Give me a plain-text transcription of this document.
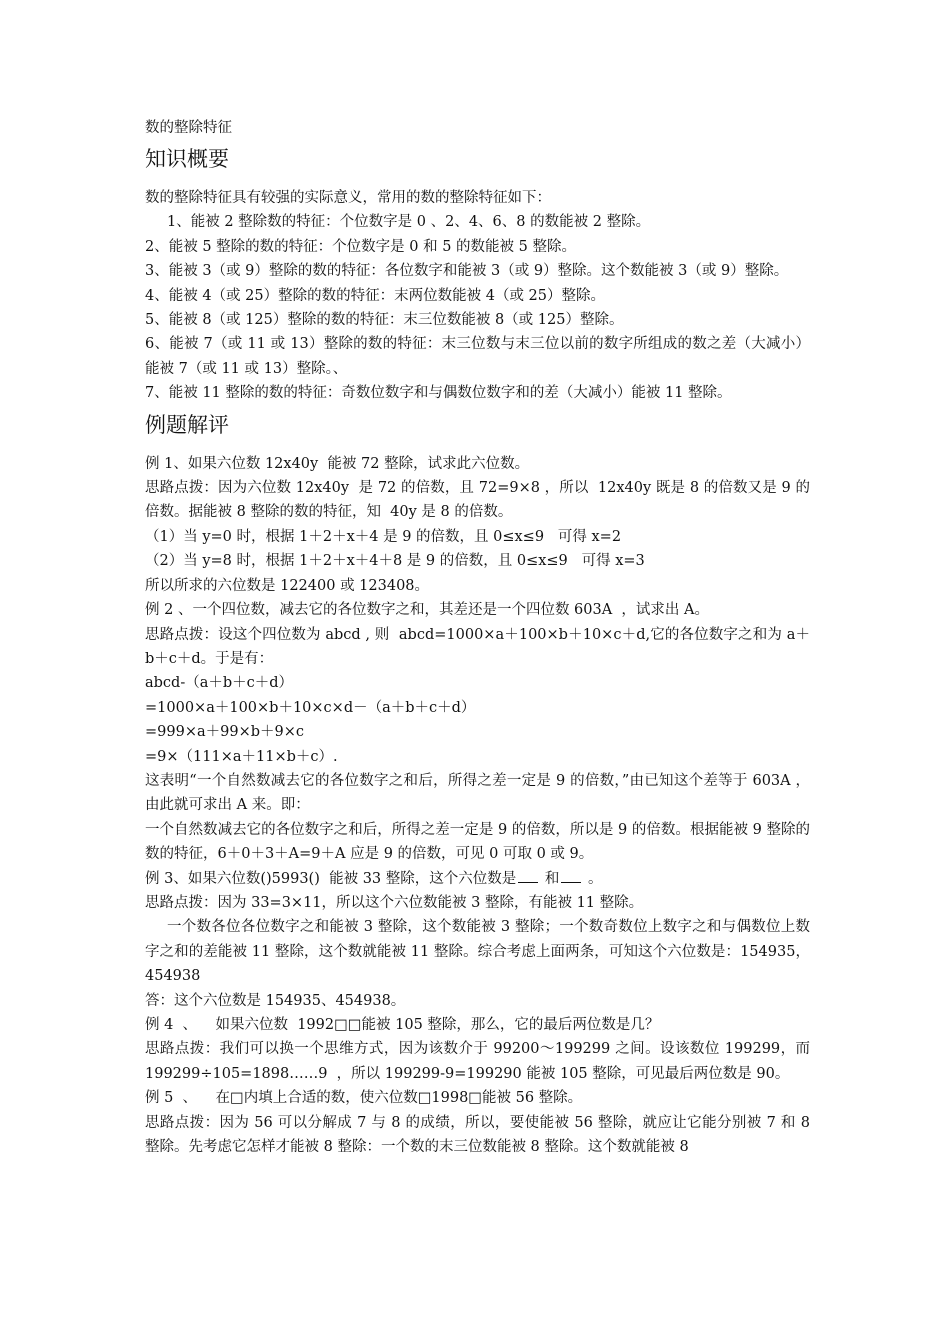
数的整除特征

知识概要

数的整除特征具有较强的实际意义，常用的数的整除特征如下：

1、能被 2 整除数的特征：个位数字是 0 、2、4、6、8 的数能被 2 整除。

2、能被 5 整除的数的特征：个位数字是 0 和 5 的数能被 5 整除。

3、能被 3（或 9）整除的数的特征：各位数字和能被 3（或 9）整除。这个数能被 3（或 9）整除。

4、能被 4（或 25）整除的数的特征：末两位数能被 4（或 25）整除。

5、能被 8（或 125）整除的数的特征：末三位数能被 8（或 125）整除。

6、能被 7（或 11 或 13）整除的数的特征：末三位数与末三位以前的数字所组成的数之差（大减小）能被 7（或 11 或 13）整除。、

7、能被 11 整除的数的特征：奇数位数字和与偶数位数字和的差（大减小）能被 11 整除。

例题解评

例 1、如果六位数 12x40y  能被 72 整除，试求此六位数。

思路点拨：因为六位数 12x40y  是 72 的倍数，且 72=9×8 ，所以  12x40y 既是 8 的倍数又是 9 的倍数。据能被 8 整除的数的特征，知  40y 是 8 的倍数。

（1）当 y=0 时，根据 1＋2＋x＋4 是 9 的倍数，且 0≤x≤9   可得 x=2

（2）当 y=8 时，根据 1＋2＋x＋4＋8 是 9 的倍数，且 0≤x≤9   可得 x=3

所以所求的六位数是 122400 或 123408。

例 2 、一个四位数，减去它的各位数字之和，其差还是一个四位数 603A  ，试求出 A。

思路点拨：设这个四位数为 abcd , 则  abcd=1000×a＋100×b＋10×c＋d,它的各位数字之和为 a＋b＋c＋d。于是有：

abcd-（a＋b＋c＋d）

=1000×a＋100×b＋10×c×d－（a＋b＋c＋d）

=999×a＋99×b＋9×c

=9×（111×a＋11×b＋c）.

这表明“一个自然数减去它的各位数字之和后，所得之差一定是 9 的倍数，”由已知这个差等于 603A ，由此就可求出 A 来。即：

一个自然数减去它的各位数字之和后，所得之差一定是 9 的倍数，所以是 9 的倍数。根据能被 9 整除的数的特征，6＋0＋3＋A=9＋A 应是 9 的倍数，可见 0 可取 0 或 9。

例 3、如果六位数()5993()  能被 33 整除，这个六位数是 和 。

思路点拨：因为 33=3×11，所以这个六位数能被 3 整除，有能被 11 整除。

一个数各位各位数字之和能被 3 整除，这个数能被 3 整除；一个数奇数位上数字之和与偶数位上数字之和的差能被 11 整除，这个数就能被 11 整除。综合考虑上面两条，可知这个六位数是：154935，   454938

答：这个六位数是 154935、454938。

例 4  、    如果六位数  1992□□能被 105 整除，那么，它的最后两位数是几？

思路点拨：我们可以换一个思维方式，因为该数介于 99200～199299 之间。设该数位 199299，而 199299÷105=1898……9  ，所以 199299-9=199290 能被 105 整除，可见最后两位数是 90。

例 5  、    在□内填上合适的数，使六位数□1998□能被 56 整除。

思路点拨：因为 56 可以分解成 7 与 8 的成绩，所以，要使能被 56 整除，就应让它能分别被 7 和 8 整除。先考虑它怎样才能被 8 整除：一个数的末三位数能被 8 整除。这个数就能被 8
